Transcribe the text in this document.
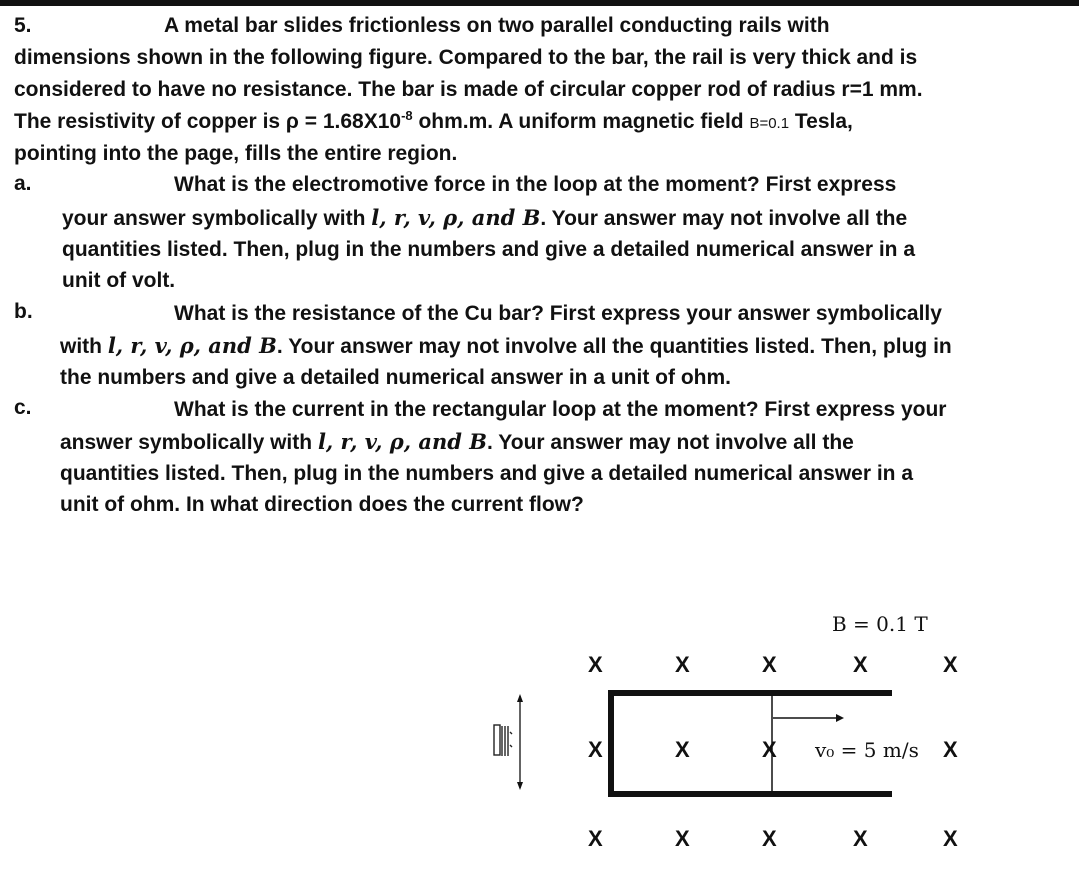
5.	A metal bar slides frictionless on two parallel conducting rails with
dimensions shown in the following figure. Compared to the bar, the rail is very thick and is
considered to have no resistance. The bar is made of circular copper rod of radius r=1 mm.
The resistivity of copper is $\rho = 1.68X10^{-8}$ ohm.m. A uniform magnetic field B=0.1 Tesla,
pointing into the page, fills the entire region.
a.	What is the electromotive force in the loop at the moment? First express
your answer symbolically with l, r, v, ρ, and B. Your answer may not involve all the
quantities listed. Then, plug in the numbers and give a detailed numerical answer in a
unit of volt.
b.	What is the resistance of the Cu bar? First express your answer symbolically
with l, r, v, ρ, and B. Your answer may not involve all the quantities listed. Then, plug in
the numbers and give a detailed numerical answer in a unit of ohm.
c.	What is the current in the rectangular loop at the moment? First express your
answer symbolically with l, r, v, ρ, and B. Your answer may not involve all the
quantities listed. Then, plug in the numbers and give a detailed numerical answer in a
unit of ohm. In what direction does the current flow?
B = 0.1 T
X	X	X	X	X
X	X	X	X
X	X	X	X	X
v₀ = 5 m/s
